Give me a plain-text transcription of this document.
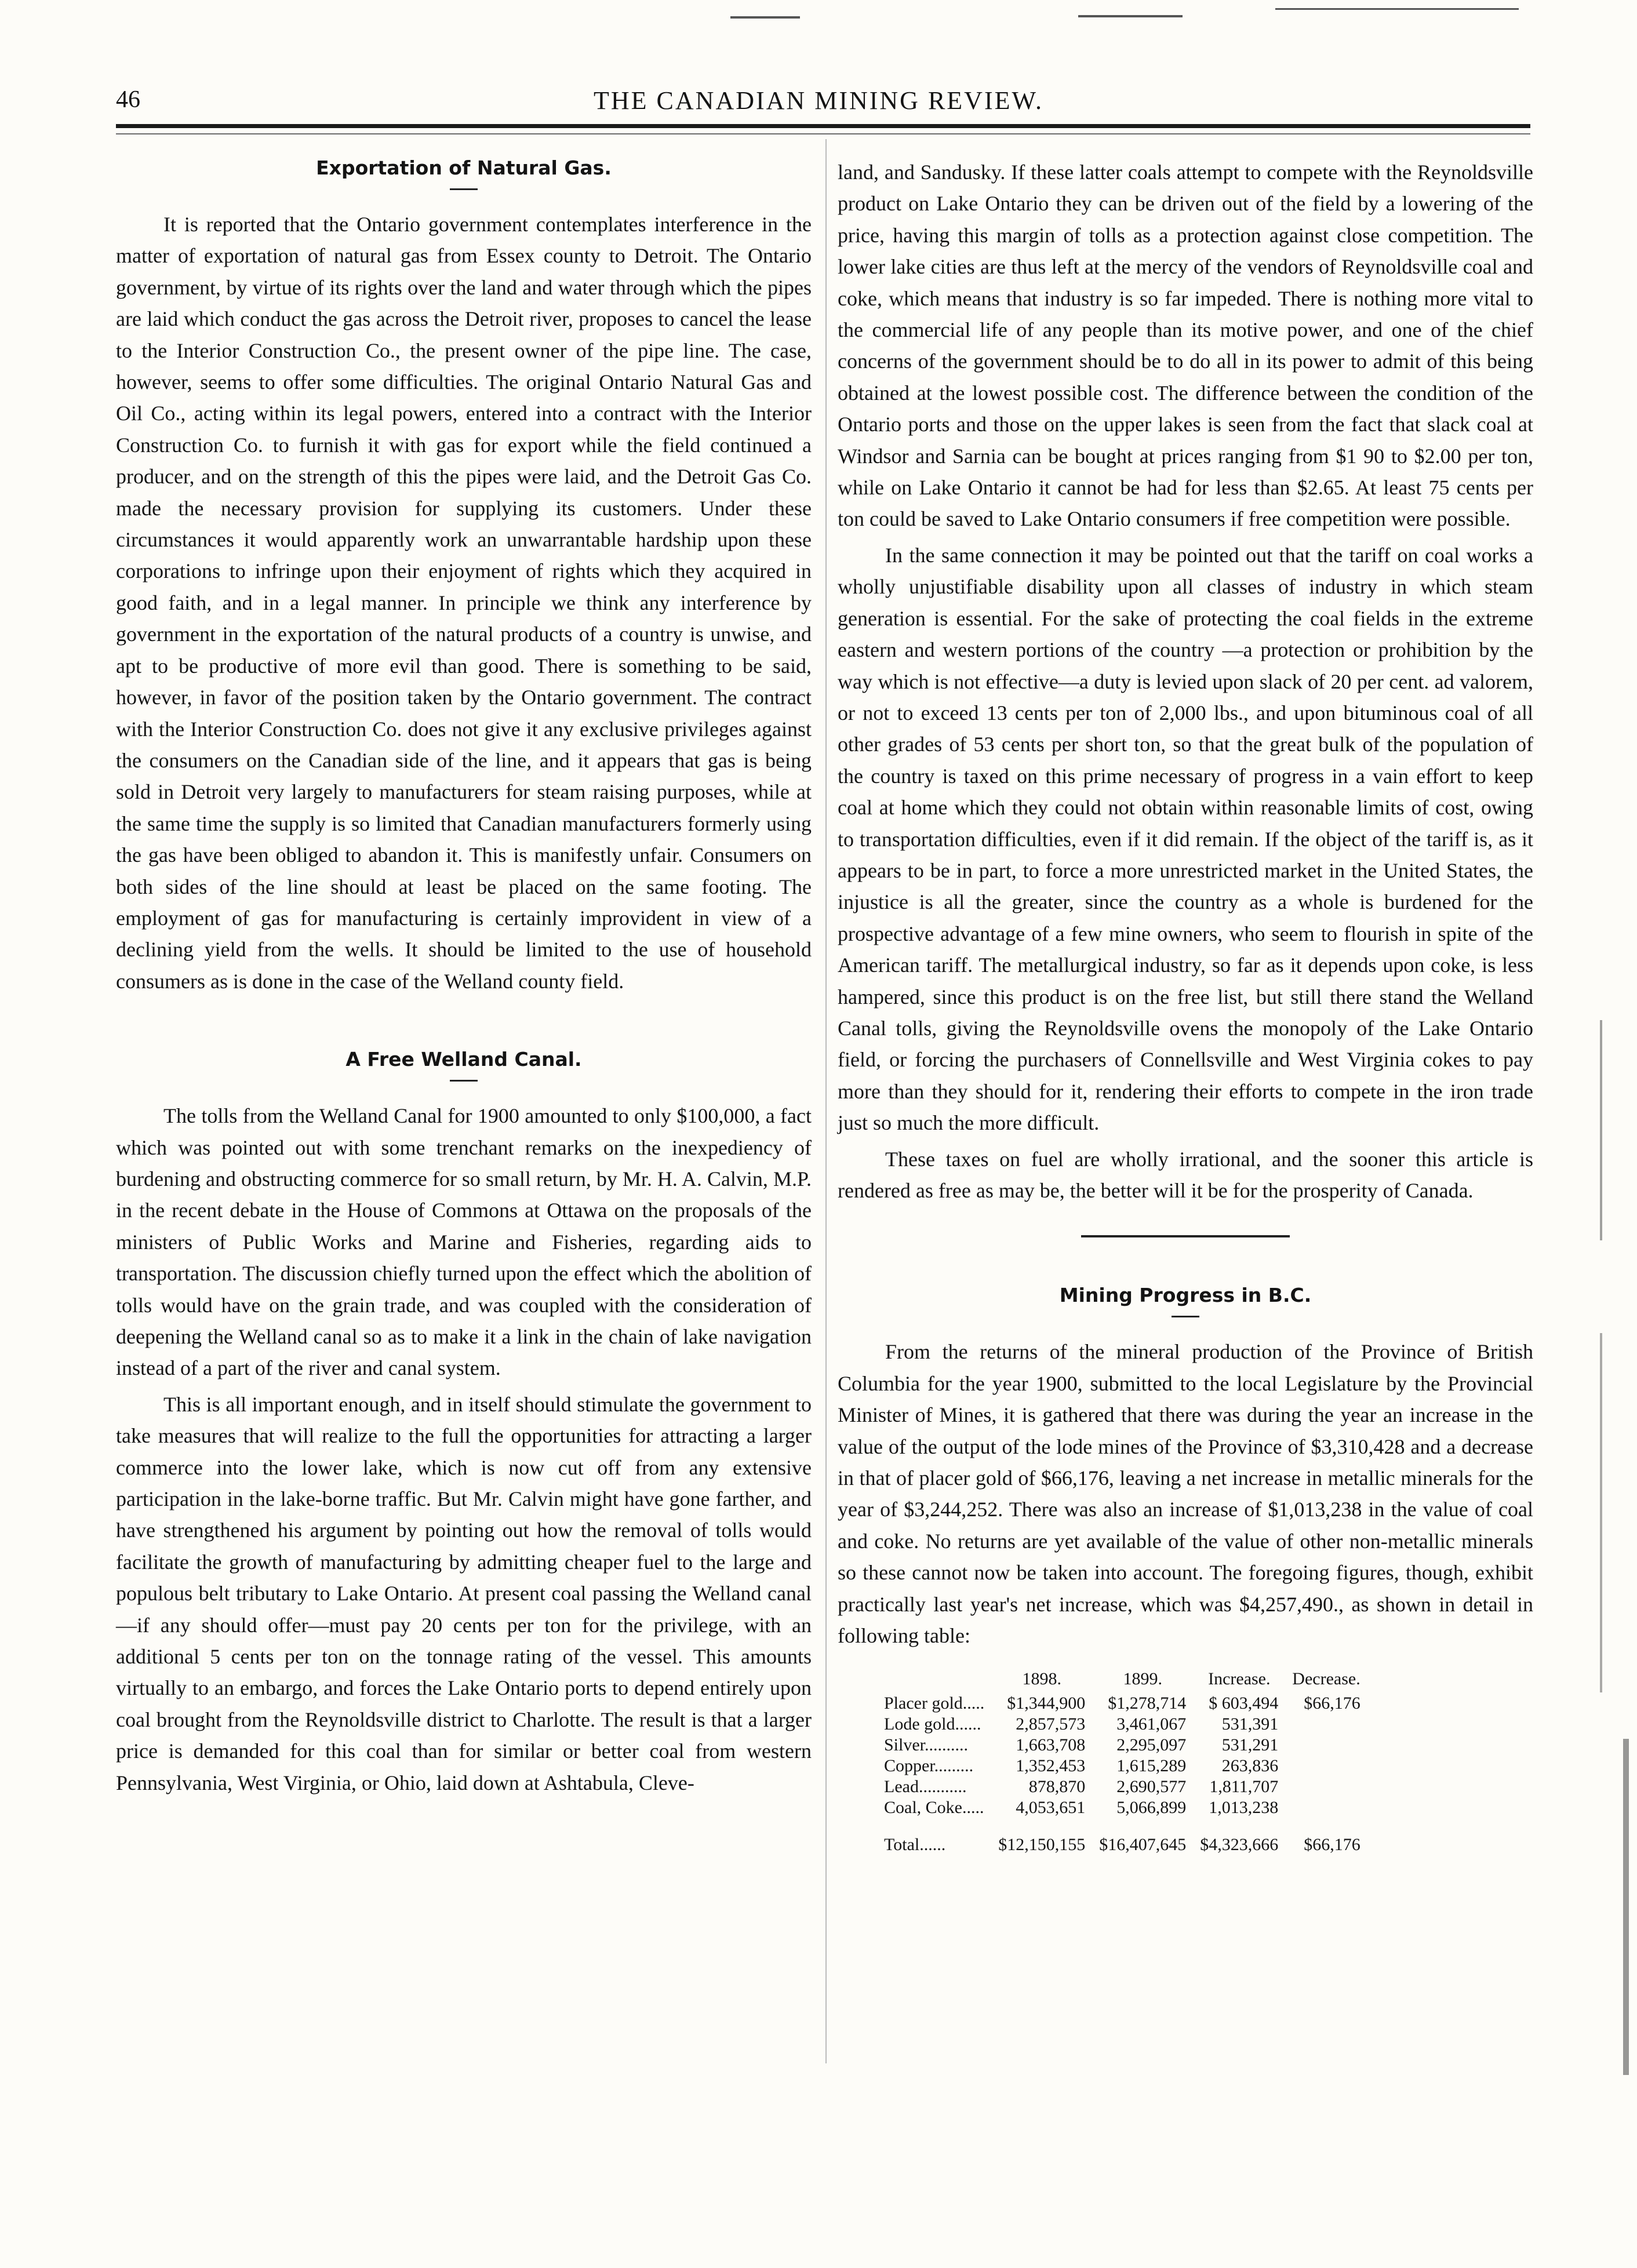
46	THE CANADIAN MINING REVIEW.
Exportation of Natural Gas.

It is reported that the Ontario government contemplates interference in the matter of exportation of natural gas from Essex county to Detroit. The Ontario government, by virtue of its rights over the land and water through which the pipes are laid which conduct the gas across the Detroit river, proposes to cancel the lease to the Interior Construction Co., the present owner of the pipe line. The case, however, seems to offer some difficulties. The original Ontario Natural Gas and Oil Co., acting within its legal powers, entered into a contract with the Interior Construction Co. to furnish it with gas for export while the field continued a producer, and on the strength of this the pipes were laid, and the Detroit Gas Co. made the necessary provision for supplying its customers. Under these circumstances it would apparently work an unwarrantable hardship upon these corporations to infringe upon their enjoyment of rights which they acquired in good faith, and in a legal manner. In principle we think any interference by government in the exportation of the natural products of a country is unwise, and apt to be productive of more evil than good. There is something to be said, however, in favor of the position taken by the Ontario government. The contract with the Interior Construction Co. does not give it any exclusive privileges against the consumers on the Canadian side of the line, and it appears that gas is being sold in Detroit very largely to manufacturers for steam raising purposes, while at the same time the supply is so limited that Canadian manufacturers formerly using the gas have been obliged to abandon it. This is manifestly unfair. Consumers on both sides of the line should at least be placed on the same footing. The employment of gas for manufacturing is certainly improvident in view of a declining yield from the wells. It should be limited to the use of household consumers as is done in the case of the Welland county field.

A Free Welland Canal.

The tolls from the Welland Canal for 1900 amounted to only $100,000, a fact which was pointed out with some trenchant remarks on the inexpediency of burdening and obstructing commerce for so small return, by Mr. H. A. Calvin, M.P. in the recent debate in the House of Commons at Ottawa on the proposals of the ministers of Public Works and Marine and Fisheries, regarding aids to transportation. The discussion chiefly turned upon the effect which the abolition of tolls would have on the grain trade, and was coupled with the consideration of deepening the Welland canal so as to make it a link in the chain of lake navigation instead of a part of the river and canal system.

This is all important enough, and in itself should stimulate the government to take measures that will realize to the full the opportunities for attracting a larger commerce into the lower lake, which is now cut off from any extensive participation in the lake-borne traffic. But Mr. Calvin might have gone farther, and have strengthened his argument by pointing out how the removal of tolls would facilitate the growth of manufacturing by admitting cheaper fuel to the large and populous belt tributary to Lake Ontario. At present coal passing the Welland canal—if any should offer—must pay 20 cents per ton for the privilege, with an additional 5 cents per ton on the tonnage rating of the vessel. This amounts virtually to an embargo, and forces the Lake Ontario ports to depend entirely upon coal brought from the Reynoldsville district to Charlotte. The result is that a larger price is demanded for this coal than for similar or better coal from western Pennsylvania, West Virginia, or Ohio, laid down at Ashtabula, Cleve-

land, and Sandusky. If these latter coals attempt to compete with the Reynoldsville product on Lake Ontario they can be driven out of the field by a lowering of the price, having this margin of tolls as a protection against close competition. The lower lake cities are thus left at the mercy of the vendors of Reynoldsville coal and coke, which means that industry is so far impeded. There is nothing more vital to the commercial life of any people than its motive power, and one of the chief concerns of the government should be to do all in its power to admit of this being obtained at the lowest possible cost. The difference between the condition of the Ontario ports and those on the upper lakes is seen from the fact that slack coal at Windsor and Sarnia can be bought at prices ranging from $1 90 to $2.00 per ton, while on Lake Ontario it cannot be had for less than $2.65. At least 75 cents per ton could be saved to Lake Ontario consumers if free competition were possible.

In the same connection it may be pointed out that the tariff on coal works a wholly unjustifiable disability upon all classes of industry in which steam generation is essential. For the sake of protecting the coal fields in the extreme eastern and western portions of the country —a protection or prohibition by the way which is not effective—a duty is levied upon slack of 20 per cent. ad valorem, or not to exceed 13 cents per ton of 2,000 lbs., and upon bituminous coal of all other grades of 53 cents per short ton, so that the great bulk of the population of the country is taxed on this prime necessary of progress in a vain effort to keep coal at home which they could not obtain within reasonable limits of cost, owing to transportation difficulties, even if it did remain. If the object of the tariff is, as it appears to be in part, to force a more unrestricted market in the United States, the injustice is all the greater, since the country as a whole is burdened for the prospective advantage of a few mine owners, who seem to flourish in spite of the American tariff. The metallurgical industry, so far as it depends upon coke, is less hampered, since this product is on the free list, but still there stand the Welland Canal tolls, giving the Reynoldsville ovens the monopoly of the Lake Ontario field, or forcing the purchasers of Connellsville and West Virginia cokes to pay more than they should for it, rendering their efforts to compete in the iron trade just so much the more difficult.

These taxes on fuel are wholly irrational, and the sooner this article is rendered as free as may be, the better will it be for the prosperity of Canada.

Mining Progress in B.C.

From the returns of the mineral production of the Province of British Columbia for the year 1900, submitted to the local Legislature by the Provincial Minister of Mines, it is gathered that there was during the year an increase in the value of the output of the lode mines of the Province of $3,310,428 and a decrease in that of placer gold of $66,176, leaving a net increase in metallic minerals for the year of $3,244,252. There was also an increase of $1,013,238 in the value of coal and coke. No returns are yet available of the value of other non-metallic minerals so these cannot now be taken into account. The foregoing figures, though, exhibit practically last year's net increase, which was $4,257,490., as shown in detail in following table:

	1898.	1899.	Increase.	Decrease.
Placer gold.....	$1,344,900	$1,278,714	$ 603,494	$66,176
Lode gold......	2,857,573	3,461,067	531,391	
Silver..........	1,663,708	2,295,097	531,291	
Copper.........	1,352,453	1,615,289	263,836	
Lead...........	878,870	2,690,577	1,811,707	
Coal, Coke.....	4,053,651	5,066,899	1,013,238	
Total......	$12,150,155	$16,407,645	$4,323,666	$66,176
